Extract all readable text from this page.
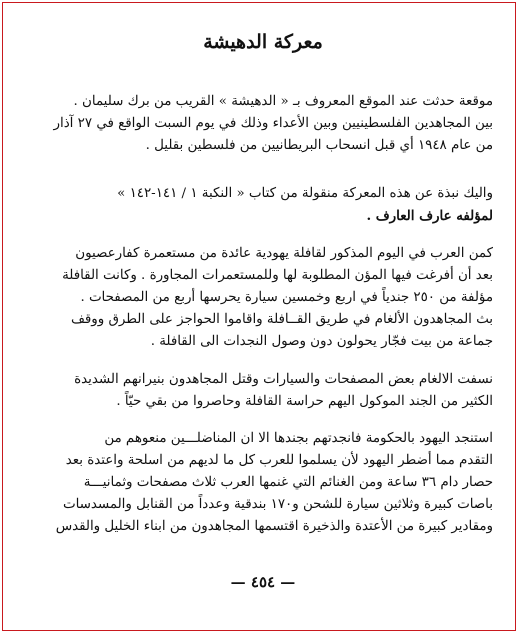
معركة الدهيشة
موقعة حدثت عند الموقع المعروف بـ « الدهيشة » القريب من برك سليمان .
بين المجاهدين الفلسطينيين وبين الأعداء وذلك في يوم السبت الواقع في ٢٧ آذار
من عام ١٩٤٨ أي قبل انسحاب البريطانيين من فلسطين بقليل .
واليك نبذة عن هذه المعركة منقولة من كتاب « النكبة ١ / ١٤١-١٤٢ »
لمؤلفه عارف العارف .
كمن العرب في اليوم المذكور لقافلة يهودية عائدة من مستعمرة كفارعصيون
بعد أن أفرغت فيها المؤن المطلوبة لها وللمستعمرات المجاورة . وكانت القافلة
مؤلفة من ٢٥٠ جندياً في اربع وخمسين سيارة يحرسها أربع من المصفحات .
بث المجاهدون الألغام في طريق القــافلة واقاموا الحواجز على الطرق ووقف
جماعة من بيت فجّار يحولون دون وصول النجدات الى القافلة .
نسفت الالغام بعض المصفحات والسيارات وقتل المجاهدون بنيرانهم الشديدة
الكثير من الجند الموكول اليهم حراسة القافلة وحاصروا من بقي حيّاً .
استنجد اليهود بالحكومة فانجدتهم بجندها الا ان المناضلـــين منعوهم من
التقدم مما أضطر اليهود لأن يسلموا للعرب كل ما لديهم من اسلحة واعتدة بعد
حصار دام ٣٦ ساعة ومن الغنائم التي غنمها العرب ثلاث مصفحات وثمانيـــة
باصات كبيرة وثلاثين سيارة للشحن و١٧٠ بندقية وعدداً من القنابل والمسدسات
ومقادير كبيرة من الأعتدة والذخيرة اقتسمها المجاهدون من ابناء الخليل والقدس
— ٤٥٤ —
